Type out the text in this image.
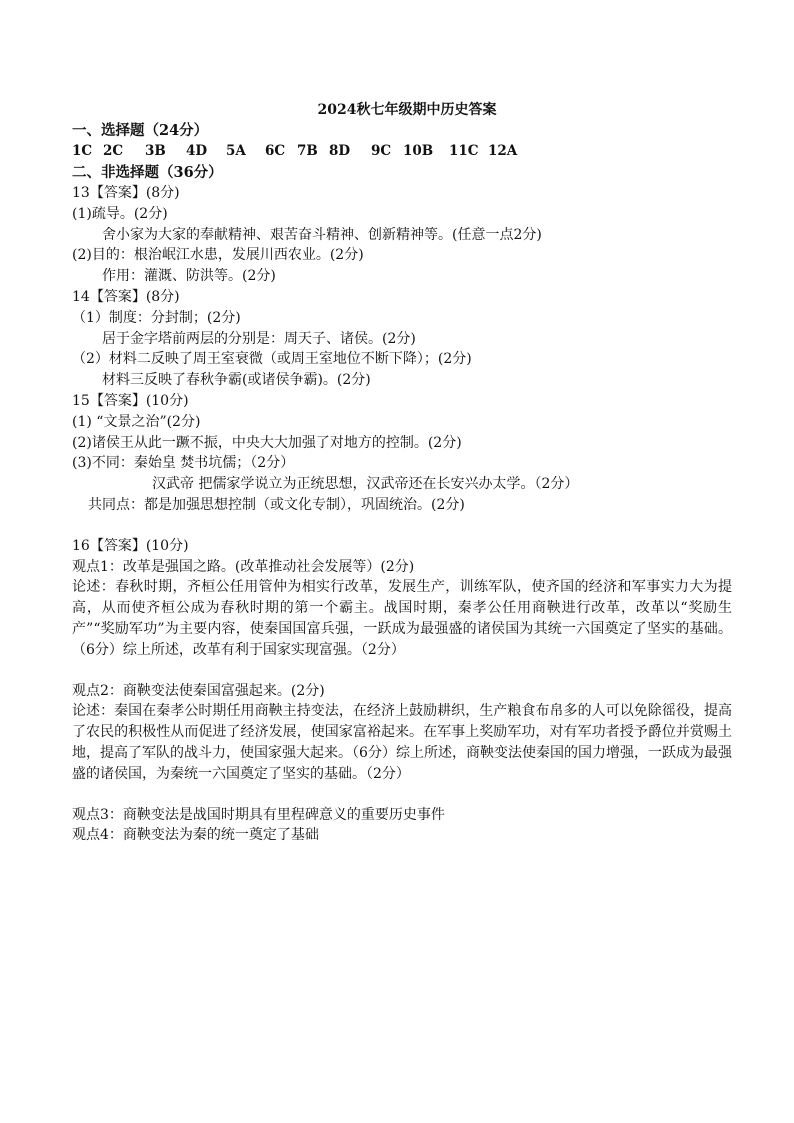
2024秋七年级期中历史答案
一、选择题（24分）
1C 2C	3B	4D	5A	6C 7B 8D	9C 10B	11C 12A
二、非选择题（36分）
13【答案】(8分)
(1)疏导。(2分)
舍小家为大家的奉献精神、艰苦奋斗精神、创新精神等。(任意一点2分)
(2)目的：根治岷江水患，发展川西农业。(2分)
作用：灌溉、防洪等。(2分)
14【答案】(8分)
（1）制度：分封制；(2分)
居于金字塔前两层的分别是：周天子、诸侯。(2分)
（2）材料二反映了周王室衰微（或周王室地位不断下降）；(2分)
材料三反映了春秋争霸(或诸侯争霸)。(2分)
15【答案】(10分)
(1) “文景之治”(2分)
(2)诸侯王从此一蹶不振，中央大大加强了对地方的控制。(2分)
(3)不同：秦始皇 焚书坑儒；（2分）
汉武帝 把儒家学说立为正统思想，汉武帝还在长安兴办太学。（2分）
共同点：都是加强思想控制（或文化专制），巩固统治。(2分)
16【答案】(10分)
观点1：改革是强国之路。(改革推动社会发展等）(2分)
论述：春秋时期，齐桓公任用管仲为相实行改革，发展生产，训练军队，使齐国的经济和军事实力大为提高，从而使齐桓公成为春秋时期的第一个霸主。战国时期，秦孝公任用商鞅进行改革，改革以“奖励生产”“奖励军功”为主要内容，使秦国国富兵强，一跃成为最强盛的诸侯国为其统一六国奠定了坚实的基础。（6分）综上所述，改革有利于国家实现富强。（2分）
观点2：商鞅变法使秦国富强起来。(2分)
论述：秦国在秦孝公时期任用商鞅主持变法，在经济上鼓励耕织，生产粮食布帛多的人可以免除徭役，提高了农民的积极性从而促进了经济发展，使国家富裕起来。在军事上奖励军功，对有军功者授予爵位并赏赐土地，提高了军队的战斗力，使国家强大起来。（6分）综上所述，商鞅变法使秦国的国力增强，一跃成为最强盛的诸侯国，为秦统一六国奠定了坚实的基础。（2分）
观点3：商鞅变法是战国时期具有里程碑意义的重要历史事件
观点4：商鞅变法为秦的统一奠定了基础
